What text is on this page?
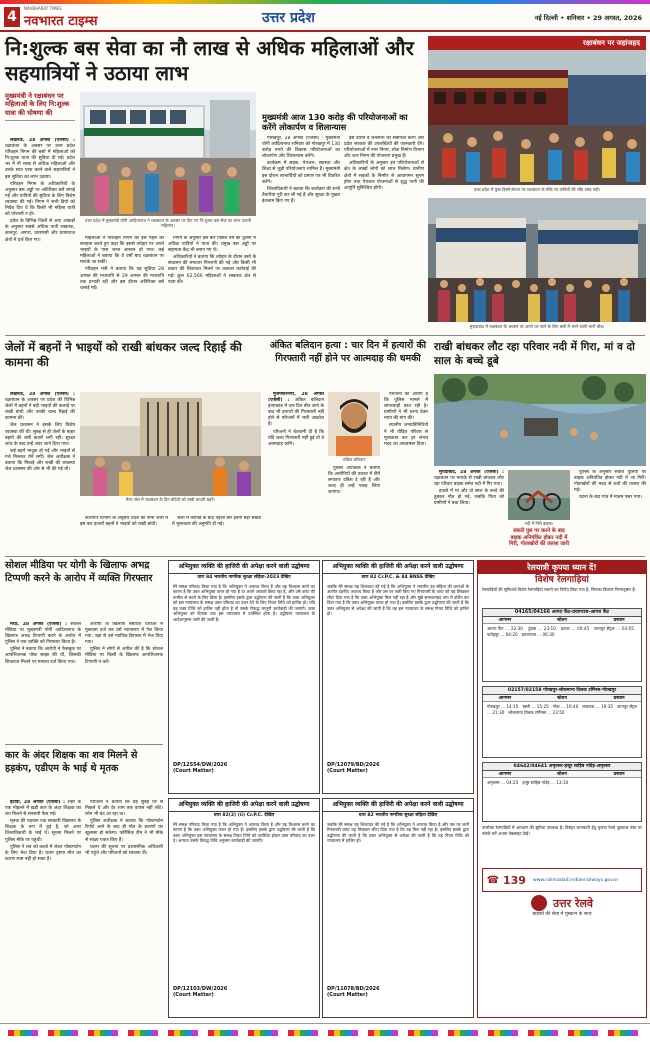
4
NAVBHARAT TIMES
नवभारत टाइम्स	उत्तर प्रदेश	नई दिल्ली • शनिवार • 29 अगस्त, 2026
नि:शुल्क बस सेवा का नौ लाख से अधिक महिलाओं और सहयात्रियों ने उठाया लाभ
रक्षाबंधन पर जहांजहद
उत्तर प्रदेश में कुछ हिस्से स्टेशन पर रक्षाबंधन के मौके पर यात्रियों की भीड़ उमड़ पड़ी।
मुख्यमंत्री ने रक्षाबंधन पर महिलाओं के लिए नि:शुल्क यात्रा की घोषणा की

लखनऊ, 28 अगस्त (एजेंसी) : रक्षाबंधन के अवसर पर उत्तर प्रदेश परिवहन निगम की बसों में महिलाओं को नि:शुल्क यात्रा की सुविधा दी गई। प्रदेश भर में नौ लाख से अधिक महिलाओं और उनके साथ यात्रा करने वाले सहयात्रियों ने इस सुविधा का लाभ उठाया।

परिवहन निगम के अधिकारियों के अनुसार बस अड्डों पर अतिरिक्त बसें लगाई गईं और यात्रियों की सुविधा के लिए विशेष व्यवस्था की गई। निगम ने सभी डिपो को निर्देश दिए थे कि किसी भी महिला यात्री को परेशानी न हो।

प्रदेश के विभिन्न जिलों से आए आंकड़ों के अनुसार सबसे अधिक यात्री लखनऊ, कानपुर, आगरा, वाराणसी और प्रयागराज क्षेत्रों में दर्ज किए गए।

उत्तर प्रदेश में मुख्यमंत्री योगी आदित्यनाथ ने रक्षाबंधन के अवसर पर दिए गए नि:शुल्क बस सेवा का लाभ उठाती महिलाएं।

महिलाओं ने परिवहन निगम की इस पहल की सराहना करते हुए कहा कि इससे त्योहार पर अपने भाइयों के पास जाना आसान हो गया। कई महिलाओं ने बताया कि वे वर्षों बाद रक्षाबंधन पर मायके जा सकीं।

परिवहन मंत्री ने बताया कि यह सुविधा 28 अगस्त की मध्यरात्रि से 29 अगस्त की मध्यरात्रि तक प्रभावी रही और इस दौरान अतिरिक्त बसें चलाई गईं।

निगम के अनुसार इस बार पिछले वर्ष की तुलना में अधिक यात्रियों ने यात्रा की। प्रमुख बस अड्डों पर सहायता केंद्र भी बनाए गए थे।

अधिकारियों ने बताया कि त्योहार के दौरान बसों के संचालन की लगातार निगरानी की गई और किसी भी प्रकार की शिकायत मिलने पर तत्काल कार्रवाई की गई। कुल 62,566 महिलाओं ने लखनऊ क्षेत्र से यात्रा की।

मुख्यमंत्री आज 130 करोड़ की परियोजनाओं का करेंगे लोकार्पण व शिलान्यास

गोरखपुर, 28 अगस्त (एजेंसी) : मुख्यमंत्री योगी आदित्यनाथ शनिवार को गोरखपुर में 130 करोड़ रुपये की विकास परियोजनाओं का लोकार्पण और शिलान्यास करेंगे।

कार्यक्रम में सड़क, पेयजल, स्वास्थ्य और शिक्षा से जुड़ी परियोजनाएं शामिल हैं। मुख्यमंत्री इस दौरान लाभार्थियों को प्रमाण पत्र भी वितरित करेंगे।

जिलाधिकारी ने बताया कि कार्यक्रम की सभी तैयारियां पूरी कर ली गई हैं और सुरक्षा के पुख्ता इंतजाम किए गए हैं।

इस दौरान वे जनसभा को संबोधित करेंगे और प्रदेश सरकार की उपलब्धियों की जानकारी देंगे। परियोजनाओं में नगर निगम, लोक निर्माण विभाग और जल निगम की योजनाएं प्रमुख हैं।

अधिकारियों के अनुसार इन परियोजनाओं से क्षेत्र के लाखों लोगों को लाभ मिलेगा। ग्रामीण क्षेत्रों में सड़कों के निर्माण से आवागमन सुगम होगा तथा पेयजल योजनाओं से शुद्ध पानी की आपूर्ति सुनिश्चित होगी।

मुरादाबाद में रक्षाबंधन के अवसर पर अपने घर जाने के लिए बसों में भरने वाली भारी भीड़।
जेलों में बहनों ने भाइयों को राखी बांधकर जल्द रिहाई की कामना की

लखनऊ, 28 अगस्त (एजेंसी) : रक्षाबंधन के अवसर पर प्रदेश की विभिन्न जेलों में बहनों ने बंदी भाइयों की कलाई पर राखी बांधी और उनकी जल्द रिहाई की कामना की।

जेल प्रशासन ने इसके लिए विशेष व्यवस्था की थी। सुबह से ही जेलों के बाहर बहनों की लंबी कतारें लगी रहीं। सुरक्षा जांच के बाद उन्हें अंदर जाने दिया गया।

कई बहनें भावुक हो गईं और भाइयों से गले मिलकर रोने लगीं। जेल अधीक्षक ने बताया कि मिठाई और राखी की व्यवस्था जेल प्रशासन की ओर से भी की गई थी।

मेरठ जेल में रक्षाबंधन के दिन बंदियों को राखी बांधती बहनें।

कारागार विभाग के अनुसार प्रदेश की सभी जेलों में इस बार हजारों बहनों ने भाइयों को राखी बांधी।

जेलों में कोविड के बाद पहली बार इतनी बड़ी संख्या में मुलाकात की अनुमति दी गई।

अंकित बलिदान हत्या : चार दिन में हत्यारों की गिरफ्तारी नहीं होने पर आत्मदाह की धमकी

मुजफ्फरनगर, 28 अगस्त (एजेंसी) : अंकित बलिदान हत्याकांड में चार दिन बीत जाने के बाद भी हत्यारों की गिरफ्तारी नहीं होने से परिजनों में भारी आक्रोश है।

परिजनों ने चेतावनी दी है कि यदि जल्द गिरफ्तारी नहीं हुई तो वे आत्मदाह करेंगे।

अंकित बलिदान

पुलिस अधीक्षक ने बताया कि आरोपियों की तलाश में टीमें लगातार दबिश दे रही हैं और जल्द ही उन्हें पकड़ लिया जाएगा।

परिजनों का आरोप है कि पुलिस मामले में लापरवाही बरत रही है। ग्रामीणों ने भी धरना देकर न्याय की मांग की।

स्थानीय जनप्रतिनिधियों ने भी पीड़ित परिवार से मुलाकात कर हर संभव मदद का आश्वासन दिया।

राखी बांधकर लौट रहा परिवार नदी में गिरा, मां व दो साल के बच्चे डूबे

मुरादाबाद, 28 अगस्त (एजेंसी) : रक्षाबंधन पर मायके से राखी बांधकर लौट रहा परिवार बाइक समेत नदी में गिर गया।

हादसे में मां और दो साल के बच्चे की डूबकर मौत हो गई, जबकि पिता को ग्रामीणों ने बचा लिया।

नदी में गिरी बाइक।
संकरी पुल पर करने के बाद बाइक अनियंत्रित होकर नदी में गिरी, गोताखोरों की तलाश जारी

पुलिस के अनुसार संकरी पुलिया पर बाइक अनियंत्रित होकर नदी में जा गिरी। गोताखोरों की मदद से शवों की तलाश की गई।

घटना के बाद गांव में मातम पसर गया।

सोशल मीडिया पर योगी के खिलाफ अभद्र टिप्पणी करने के आरोप में व्यक्ति गिरफ्तार

मेरठ, 28 अगस्त (एजेंसी) : सोशल मीडिया पर मुख्यमंत्री योगी आदित्यनाथ के खिलाफ अभद्र टिप्पणी करने के आरोप में पुलिस ने एक व्यक्ति को गिरफ्तार किया है।

पुलिस ने बताया कि आरोपी ने फेसबुक पर आपत्तिजनक पोस्ट साझा की थी, जिसकी शिकायत मिलने पर मामला दर्ज किया गया।

आरोपी के खिलाफ संबंधित धाराओं में मुकदमा दर्ज कर उसे न्यायालय में पेश किया गया, जहां से उसे न्यायिक हिरासत में भेज दिया गया।

पुलिस ने लोगों से अपील की है कि सोशल मीडिया पर किसी के खिलाफ आपत्तिजनक टिप्पणी न करें।

कार के अंदर शिक्षक का शव मिलने से हड़कंप, एडीएम के भाई थे मृतक

इटावा, 28 अगस्त (एजेंसी) : शहर के एक मोहल्ले में खड़ी कार के अंदर शिक्षक का शव मिलने से सनसनी फैल गई।

मृतक की पहचान एक सरकारी विद्यालय के शिक्षक के रूप में हुई है, जो अपर जिलाधिकारी के भाई थे। सूचना मिलने पर पुलिस मौके पर पहुंची।

पुलिस ने शव को कब्जे में लेकर पोस्टमार्टम के लिए भेज दिया है। प्रथम दृष्टया मौत का कारण स्पष्ट नहीं हो सका है।

परिजनों ने बताया कि वह सुबह घर से निकले थे और देर शाम तक वापस नहीं लौटे। फोन भी बंद आ रहा था।

पुलिस अधीक्षक ने बताया कि पोस्टमार्टम रिपोर्ट आने के बाद ही मौत के कारणों का खुलासा हो सकेगा। फोरेंसिक टीम ने भी मौके से साक्ष्य एकत्र किए हैं।

घटना की सूचना पर प्रशासनिक अधिकारी भी पहुंचे और परिजनों को सांत्वना दी।

अभियुक्त व्यक्ति की हाजिरी की अपेक्षा करने वाली उद्घोषणा
धारा 84 भारतीय नागरिक सुरक्षा संहिता-2023 देखिए
मेरे समक्ष परिवाद किया गया है कि अभियुक्त ने अपराध किया है और यह विश्वास करने का कारण है कि उक्त अभियुक्त फरार हो गया है या अपने आपको छिपा रहा है, और उसे वारंट की तामील से बचने के लिए छिपा है। इसलिए इसके द्वारा उद्घोषणा की जाती है कि उक्त अभियुक्त को इस न्यायालय के समक्ष उक्त परिवाद का उत्तर देने के लिए नियत तिथि को हाजिर हो। यदि वह उक्त तिथि को हाजिर नहीं होता है तो उसके विरुद्ध कानूनी कार्यवाही की जाएगी। उक्त अभियुक्त को दिनांक तक इस न्यायालय में उपस्थित होना है। उद्घोषणा न्यायालय के आदेशानुसार जारी की जाती है।
DP/12554/DW/2026
(Court Matter)
अभियुक्त व्यक्ति की हाजिरी की अपेक्षा करने वाली उद्घोषणा
धारा 82 Cr.P.C. & 84 BNSS देखिए
जबकि मेरे समक्ष यह शिकायत की गई है कि अभियुक्त ने भारतीय दंड संहिता की धाराओं के अंतर्गत दंडनीय अपराध किया है और उस पर जारी किए गए गिरफ्तारी के वारंट को यह लिखकर लौटा दिया गया है कि उक्त अभियुक्त मिल नहीं रहा है और मुझे समाधानप्रद रूप में दर्शित कर दिया गया है कि उक्त अभियुक्त फरार हो गया है। इसलिए इसके द्वारा उद्घोषणा की जाती है कि उक्त अभियुक्त से अपेक्षा की जाती है कि वह इस न्यायालय के समक्ष नियत तिथि को हाजिर हो।
DP/12079/BD/2026
(Court Matter)
अभियुक्त व्यक्ति की हाजिरी की अपेक्षा करने वाली उद्घोषणा
धारा 82(2) (ii) Cr.P.C. देखिए
मेरे समक्ष परिवाद किया गया है कि अभियुक्त ने अपराध किया है और यह विश्वास करने का कारण है कि उक्त अभियुक्त फरार हो गया है। इसलिए इसके द्वारा उद्घोषणा की जाती है कि उक्त अभियुक्त इस न्यायालय के समक्ष नियत तिथि को उपस्थित होकर उक्त परिवाद का उत्तर दे। अन्यथा उसके विरुद्ध विधि अनुसार कार्यवाही की जाएगी।
DP/12103/DW/2026
(Court Matter)
अभियुक्त व्यक्ति की हाजिरी की अपेक्षा करने वाली उद्घोषणा
धारा 82 भारतीय नागरिक सुरक्षा संहिता देखिए
जबकि मेरे समक्ष यह शिकायत की गई है कि अभियुक्त ने अपराध किया है और उस पर जारी गिरफ्तारी वारंट यह लिखकर लौटा दिया गया है कि वह मिल नहीं रहा है। इसलिए इसके द्वारा उद्घोषणा की जाती है कि उक्त अभियुक्त से अपेक्षा की जाती है कि वह नियत तिथि को न्यायालय में हाजिर हो।
DP/11078/BD/2026
(Court Matter)
रेलयात्री कृपया ध्यान दें!
विशेष रेलगाड़ियां
रेलयात्रियों की सुविधार्थ विशेष रेलगाड़ियां चलाने का निर्णय लिया गया है, जिनका विवरण निम्नानुसार है:
04165/04166 आगरा कैंट-प्रयागराज-आगरा कैंट
आगमन	स्टेशन	प्रस्थान
आगरा कैंट ... 22:30   टूंडला ... 23:10   इटावा ... 00:45   कानपुर सेंट्रल ... 03:05   फतेहपुर ... 04:20   प्रयागराज ... 06:30
02157/02158 गोरखपुर-लोकमान्य तिलक टर्मिनस-गोरखपुर
आगमन	स्टेशन	प्रस्थान
गोरखपुर ... 14:15   बस्ती ... 15:25   गोंडा ... 16:40   लखनऊ ... 19:35   कानपुर सेंट्रल ... 21:30   लोकमान्य तिलक टर्मिनस ... 23:50
04642/04641 अमृतसर-हजूर साहिब नांदेड़-अमृतसर
आगमन	स्टेशन	प्रस्थान
अमृतसर ... 04:25   हजूर साहिब नांदेड़ ... 13:10
उपरोक्त रेलगाड़ियों में आरक्षण की सुविधा उपलब्ध है। विस्तृत जानकारी हेतु कृपया रेलवे पूछताछ नंबर पर संपर्क करें अथवा वेबसाइट देखें।
☎ 139	www.railmadad.indianrailways.gov.in
उत्तर रेलवे
ग्राहकों की सेवा में मुस्कान के साथ
